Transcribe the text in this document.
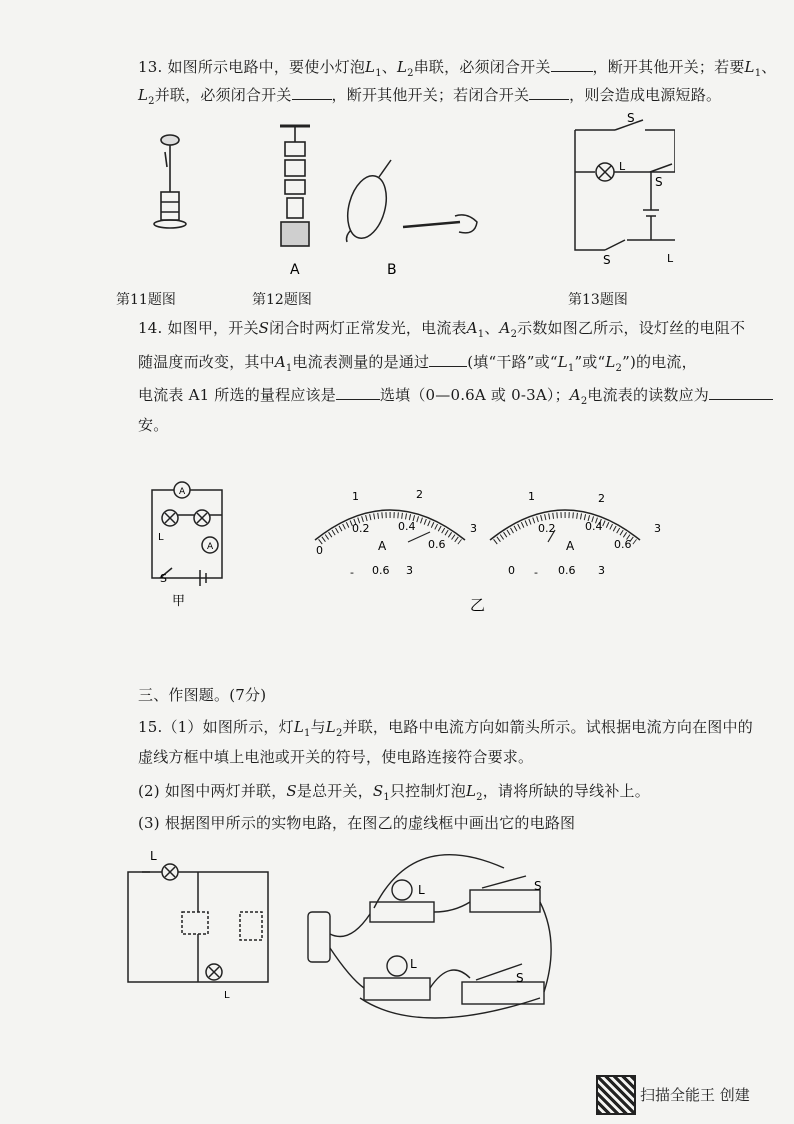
13. 如图所示电路中，要使小灯泡$L_1$、$L_2$串联，必须闭合开关	，断开其他开关；若要$L_1$、
$L_2$并联，必须闭合开关	，断开其他开关；若闭合开关	，则会造成电源短路。
A	B
S
L
S
S	L
第11题图	第12题图	第13题图
14. 如图甲，开关S闭合时两灯正常发光，电流表$A_1$、$A_2$示数如图乙所示，设灯丝的电阻不
随温度而改变，其中$A_1$电流表测量的是通过	(填“干路”或“$L_1$”或“$L_2$”)的电流，
电流表 A1 所选的量程应该是	选填（0—0.6A 或 0-3A）；$A_2$电流表的读数应为
安。
A
A
L
S
甲
0
1	2
3
0.2	0.4
0.6
A
- 0.6 3
1	2
3
0.2	0.4
0.6
A
0 - 0.6 3
乙
三、作图题。(7分)
15.（1）如图所示，灯$L_1$与$L_2$并联，电路中电流方向如箭头所示。试根据电流方向在图中的
虚线方框中填上电池或开关的符号，使电路连接符合要求。
(2) 如图中两灯并联，S是总开关，$S_1$只控制灯泡$L_2$，请将所缺的导线补上。
(3) 根据图甲所示的实物电路，在图乙的虚线框中画出它的电路图
L
L
L	S
L
S
扫描全能王 创建
